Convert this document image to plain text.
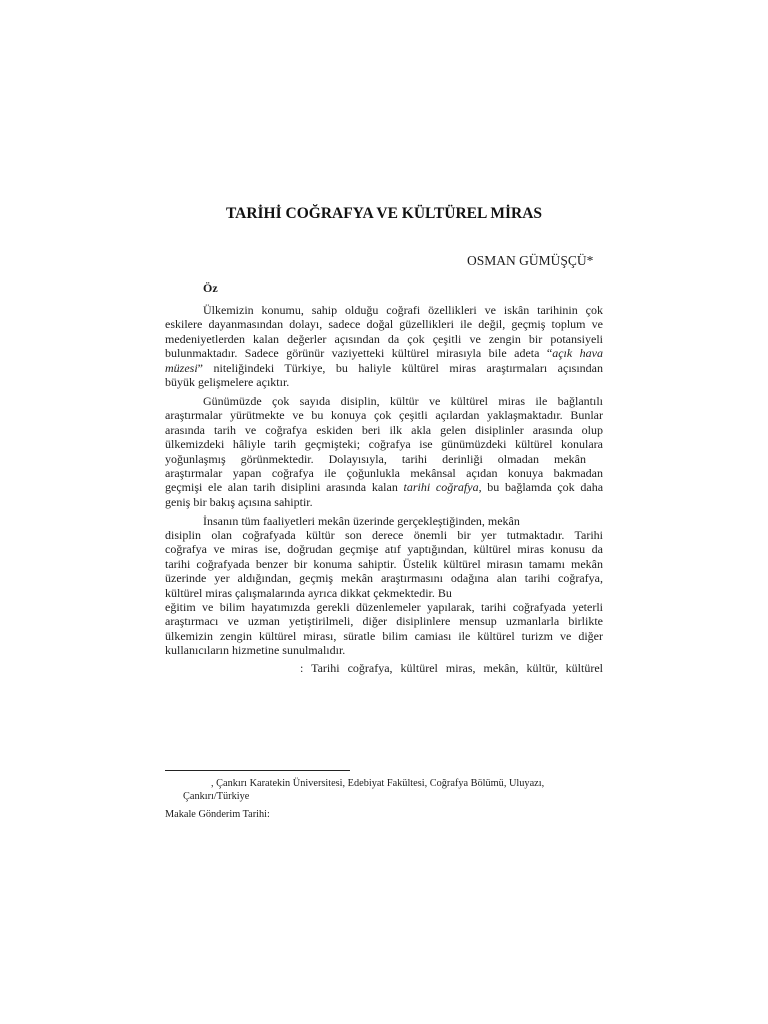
TARİHİ COĞRAFYA VE KÜLTÜREL MİRAS
OSMAN GÜMÜŞÇÜ*
Öz
Ülkemizin konumu, sahip olduğu coğrafi özellikleri ve iskân tarihinin çok
eskilere dayanmasından dolayı, sadece doğal güzellikleri ile değil, geçmiş toplum ve
medeniyetlerden kalan değerler açısından da çok çeşitli ve zengin bir potansiyeli
bulunmaktadır. Sadece görünür vaziyetteki kültürel mirasıyla bile adeta “açık hava
müzesi” niteliğindeki Türkiye, bu haliyle kültürel miras araştırmaları açısından
büyük gelişmelere açıktır.
Günümüzde çok sayıda disiplin, kültür ve kültürel miras ile bağlantılı
araştırmalar yürütmekte ve bu konuya çok çeşitli açılardan yaklaşmaktadır. Bunlar
arasında tarih ve coğrafya eskiden beri ilk akla gelen disiplinler arasında olup
ülkemizdeki hâliyle tarih geçmişteki; coğrafya ise günümüzdeki kültürel konulara
yoğunlaşmış görünmektedir. Dolayısıyla, tarihi derinliği olmadan mekân
araştırmalar yapan coğrafya ile çoğunlukla mekânsal açıdan konuya bakmadan
geçmişi ele alan tarih disiplini arasında kalan tarihi coğrafya, bu bağlamda çok daha
geniş bir bakış açısına sahiptir.
İnsanın tüm faaliyetleri mekân üzerinde gerçekleştiğinden, mekân
disiplin olan coğrafyada kültür son derece önemli bir yer tutmaktadır. Tarihi
coğrafya ve miras ise, doğrudan geçmişe atıf yaptığından, kültürel miras konusu da
tarihi coğrafyada benzer bir konuma sahiptir. Üstelik kültürel mirasın tamamı mekân
üzerinde yer aldığından, geçmiş mekân araştırmasını odağına alan tarihi coğrafya,
kültürel miras çalışmalarında ayrıca dikkat çekmektedir. Bu
eğitim ve bilim hayatımızda gerekli düzenlemeler yapılarak, tarihi coğrafyada yeterli
araştırmacı ve uzman yetiştirilmeli, diğer disiplinlere mensup uzmanlarla birlikte
ülkemizin zengin kültürel mirası, süratle bilim camiası ile kültürel turizm ve diğer
kullanıcıların hizmetine sunulmalıdır.
: Tarihi coğrafya, kültürel miras, mekân, kültür, kültürel
, Çankırı Karatekin Üniversitesi, Edebiyat Fakültesi, Coğrafya Bölümü, Uluyazı,
Çankırı/Türkiye
Makale Gönderim Tarihi:
